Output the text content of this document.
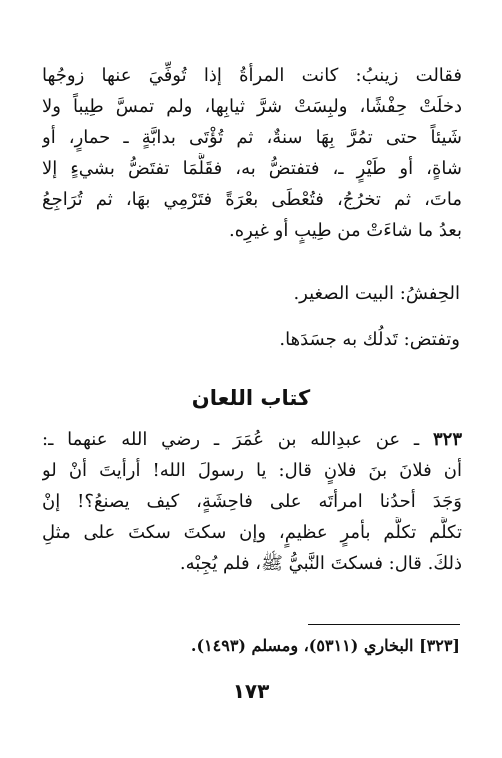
فقالت زينبُ: كانت المرأةُ إذا تُوفِّيَ عنها زوجُها
دخلَتْ حِفْشًا، ولبِسَتْ شرَّ ثيابِها، ولم تمسَّ طِيباً ولا
شَيئاً حتى تمُرَّ بِهَا سنةٌ، ثم تُؤْتَى بدابَّةٍ ـ حمارٍ، أو
شاةٍ، أو طَيْرٍ ـ، فتفتضُّ به، فقَلَّمَا تفتَضُّ بشيءٍ إلا
ماتَ، ثم تخرُجُ، فتُعْطَى بعْرَةً فتَرْمِي بهَا، ثم تُرَاجِعُ
بعدُ ما شاءَتْ من طِيبٍ أو غيرِه.
الحِفشُ: البيت الصغير.
وتفتض: تَدلُك به جسَدَها.
كتاب اللعان
٣٢٣ ـ عن عبدِالله بن عُمَرَ ـ رضي الله عنهما ـ:
أن فلانَ بنَ فلانٍ قال: يا رسولَ الله! أرأيتَ أنْ لو
وَجَدَ أحدُنا امرأتَه على فاحِشَةٍ، كيف يصنعُ؟! إنْ
تكلَّم تكلَّم بأمرٍ عظيمٍ، وإن سكتَ سكتَ على مثلِ
ذلكَ. قال: فسكتَ النَّبيُّ ﷺ، فلم يُجِبْه.
[٣٢٣] البخاري (٥٣١١)، ومسلم (١٤٩٣).
١٧٣
